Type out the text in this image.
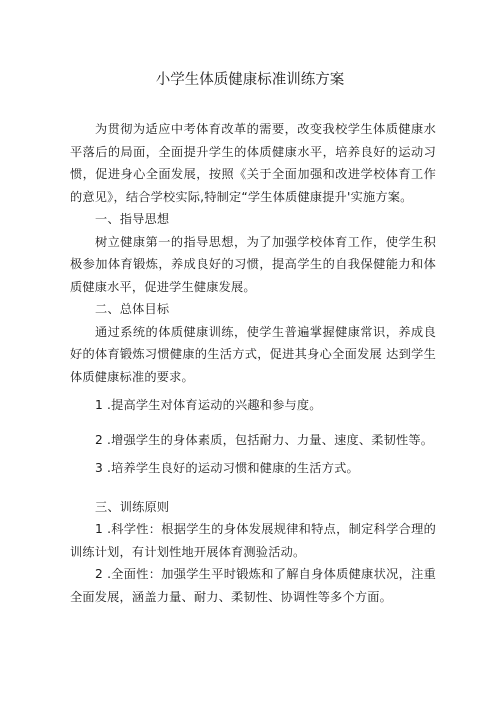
小学生体质健康标准训练方案

为贯彻为适应中考体育改革的需要，改变我校学生体质健康水平落后的局面，全面提升学生的体质健康水平，培养良好的运动习惯，促进身心全面发展，按照《关于全面加强和改进学校体育工作的意见》，结合学校实际,特制定“学生体质健康提升'实施方案。

一、指导思想

树立健康第一的指导思想，为了加强学校体育工作，使学生积极参加体育锻炼，养成良好的习惯，提高学生的自我保健能力和体质健康水平，促进学生健康发展。

二、总体目标

通过系统的体质健康训练，使学生普遍掌握健康常识，养成良好的体育锻炼习惯健康的生活方式，促进其身心全面发展 达到学生体质健康标准的要求。

1 .提高学生对体育运动的兴趣和参与度。

2 .增强学生的身体素质，包括耐力、力量、速度、柔韧性等。

3 .培养学生良好的运动习惯和健康的生活方式。

三、训练原则

1 .科学性：根据学生的身体发展规律和特点，制定科学合理的训练计划，有计划性地开展体育测验活动。

2 .全面性：加强学生平时锻炼和了解自身体质健康状况，注重全面发展，涵盖力量、耐力、柔韧性、协调性等多个方面。
